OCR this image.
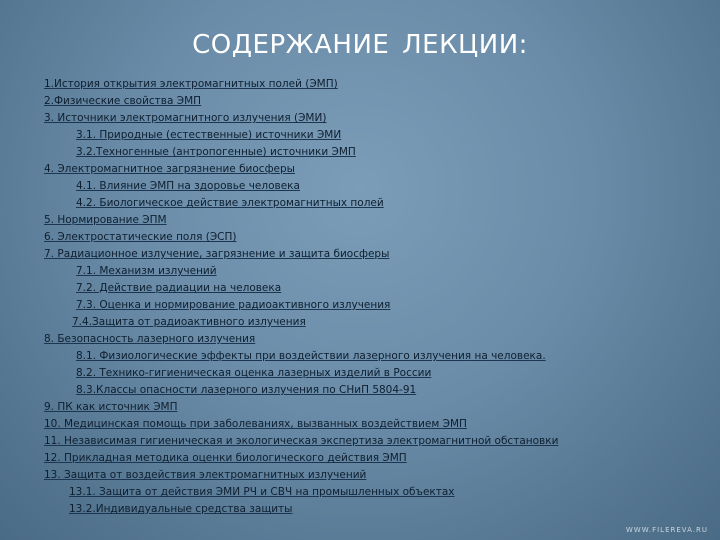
СОДЕРЖАНИЕ ЛЕКЦИИ:
1.История открытия электромагнитных полей (ЭМП)
2.Физические свойства ЭМП
3. Источники электромагнитного излучения (ЭМИ)
3.1. Природные (естественные) источники ЭМИ
3.2.Техногенные (антропогенные) источники ЭМП
4. Электромагнитное загрязнение биосферы
4.1. Влияние ЭМП на здоровье человека
4.2. Биологическое действие электромагнитных полей
5. Нормирование ЭПМ
6. Электростатические поля (ЭСП)
7. Радиационное излучение, загрязнение и защита биосферы
7.1. Механизм излучений
7.2. Действие радиации на человека
7.3. Оценка и нормирование радиоактивного излучения
7.4.Защита от радиоактивного излучения
8. Безопасность лазерного излучения
8.1. Физиологические эффекты при воздействии лазерного излучения на человека.
8.2. Технико-гигиеническая оценка лазерных изделий в России
8.3.Классы опасности лазерного излучения по СНиП 5804-91
9. ПК как источник ЭМП
10. Медицинская помощь при заболеваниях, вызванных воздействием ЭМП
11. Независимая гигиеническая и экологическая экспертиза электромагнитной обстановки
12. Прикладная методика оценки биологического действия ЭМП
13. Защита от воздействия электромагнитных излучений
13.1. Защита от действия ЭМИ РЧ и СВЧ на промышленных объектах
13.2.Индивидуальные средства защиты
WWW.FILEREVA.RU
